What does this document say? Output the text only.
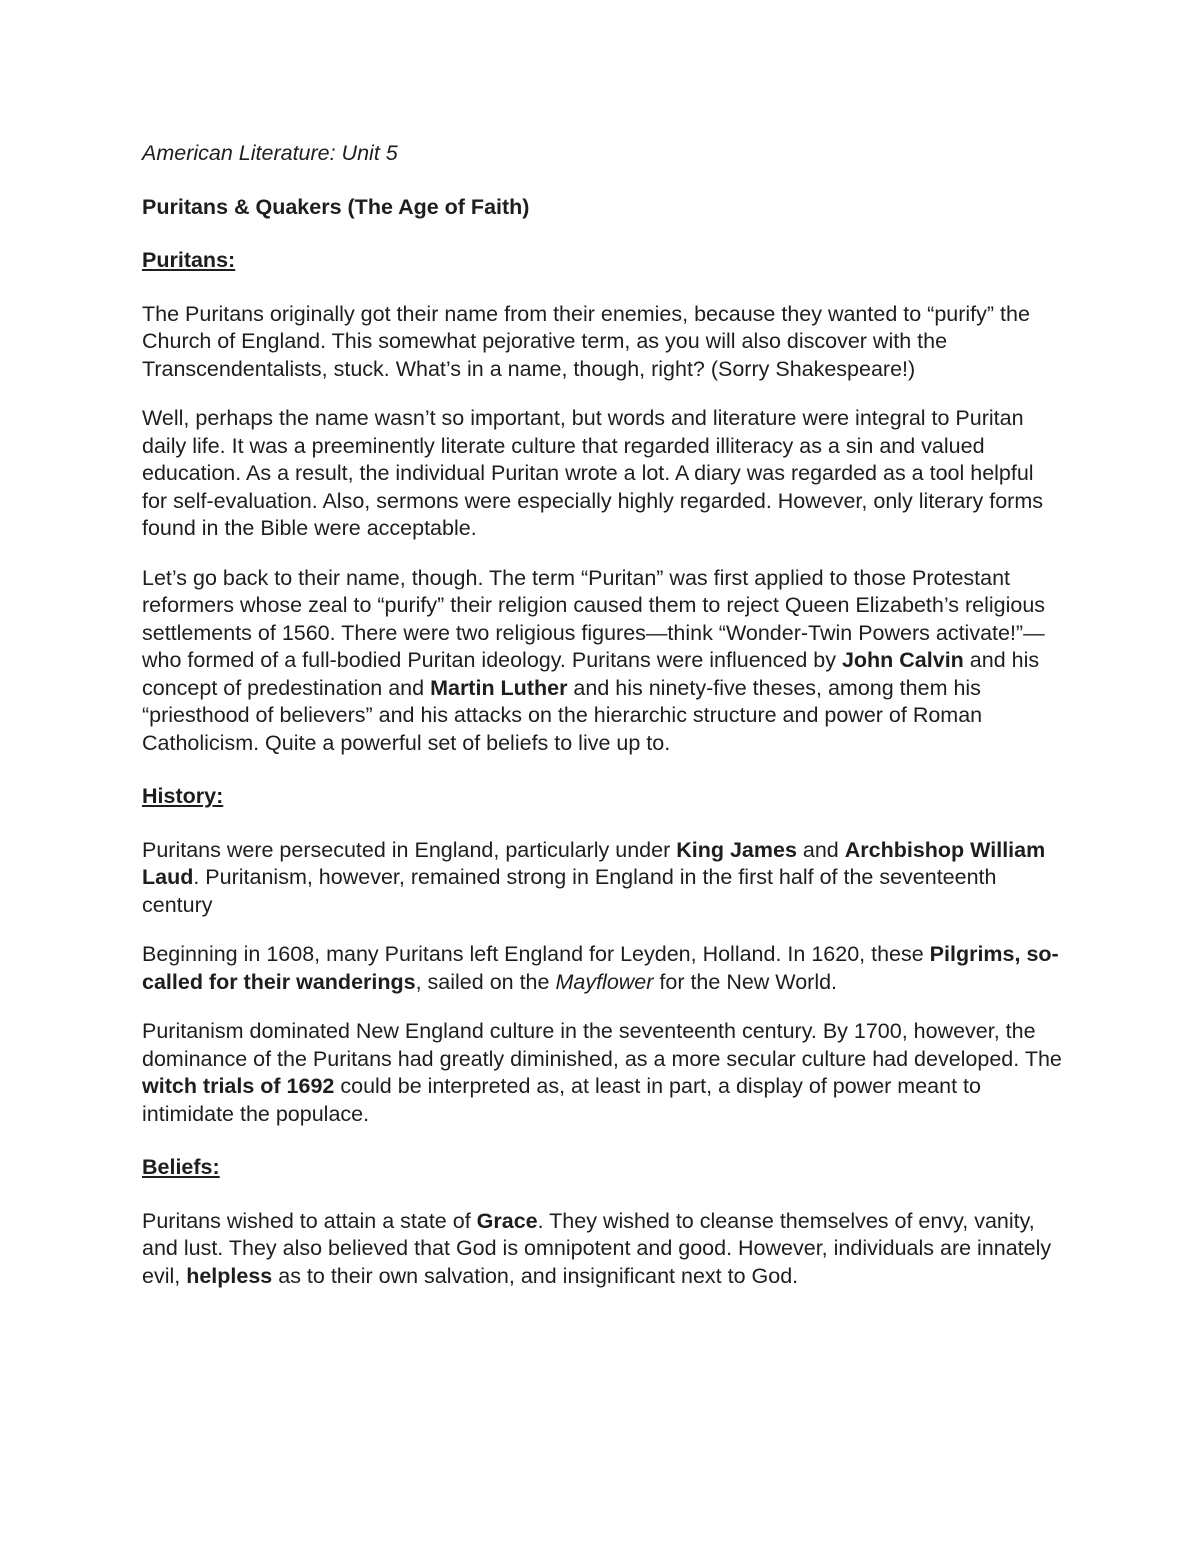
American Literature: Unit 5

Puritans & Quakers (The Age of Faith)

Puritans:

The Puritans originally got their name from their enemies, because they wanted to “purify” the Church of England. This somewhat pejorative term, as you will also discover with the Transcendentalists, stuck. What’s in a name, though, right? (Sorry Shakespeare!)

Well, perhaps the name wasn’t so important, but words and literature were integral to Puritan daily life. It was a preeminently literate culture that regarded illiteracy as a sin and valued education. As a result, the individual Puritan wrote a lot. A diary was regarded as a tool helpful for self-evaluation. Also, sermons were especially highly regarded. However, only literary forms found in the Bible were acceptable.

Let’s go back to their name, though. The term “Puritan” was first applied to those Protestant reformers whose zeal to “purify” their religion caused them to reject Queen Elizabeth’s religious settlements of 1560. There were two religious figures—think “Wonder-Twin Powers activate!”—who formed of a full-bodied Puritan ideology. Puritans were influenced by John Calvin and his concept of predestination and Martin Luther and his ninety-five theses, among them his “priesthood of believers” and his attacks on the hierarchic structure and power of Roman Catholicism. Quite a powerful set of beliefs to live up to.

History:

Puritans were persecuted in England, particularly under King James and Archbishop William Laud. Puritanism, however, remained strong in England in the first half of the seventeenth century

Beginning in 1608, many Puritans left England for Leyden, Holland. In 1620, these Pilgrims, so-called for their wanderings, sailed on the Mayflower for the New World.

Puritanism dominated New England culture in the seventeenth century. By 1700, however, the dominance of the Puritans had greatly diminished, as a more secular culture had developed. The witch trials of 1692 could be interpreted as, at least in part, a display of power meant to intimidate the populace.

Beliefs:

Puritans wished to attain a state of Grace. They wished to cleanse themselves of envy, vanity, and lust. They also believed that God is omnipotent and good. However, individuals are innately evil, helpless as to their own salvation, and insignificant next to God.
